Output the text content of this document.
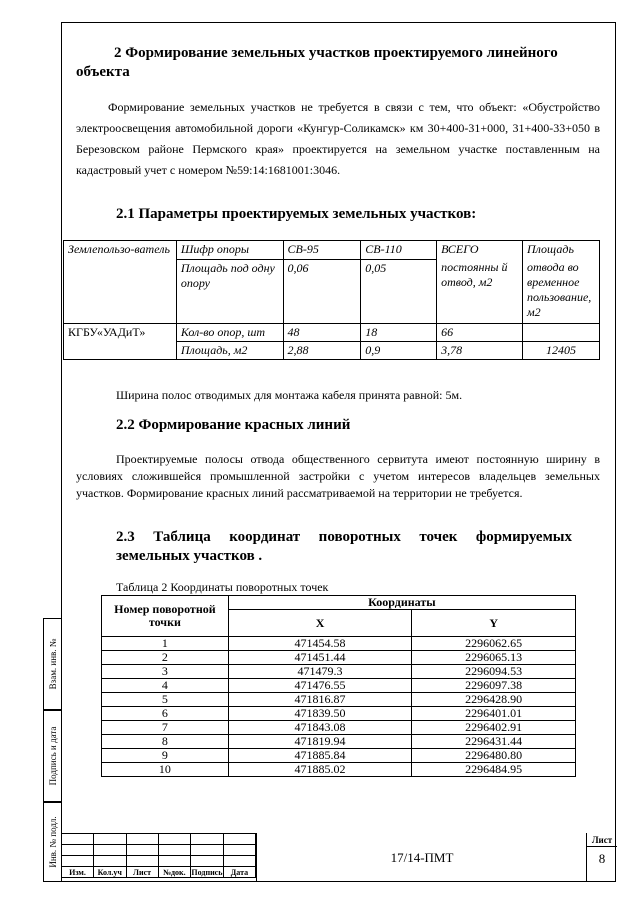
Взам. инв. №
Подпись и дата
Инв. № подл.
2 Формирование земельных участков проектируемого линейного объекта
Формирование земельных участков не требуется в связи с тем, что объект: «Обустройство электроосвещения автомобильной дороги «Кунгур-Соликамск» км 30+400-31+000, 31+400-33+050 в Березовском районе Пермского края» проектируется на земельном участке поставленным на кадастровый учет с номером №59:14:1681001:3046.
2.1 Параметры проектируемых земельных участков:
Землепользо-ватель	Шифр опоры	СВ-95	СВ-110	ВСЕГО	Площадь
	Площадь под одну опору	0,06	0,05	постоянны й отвод, м2	отвода во временное пользование, м2
КГБУ«УАДиТ»	Кол-во опор, шт	48	18	66	
	Площадь, м2	2,88	0,9	3,78	12405
Ширина полос отводимых для монтажа кабеля принята равной: 5м.
2.2 Формирование красных линий
Проектируемые полосы отвода общественного сервитута имеют постоянную ширину в условиях сложившейся промышленной застройки с учетом интересов владельцев земельных участков. Формирование красных линий рассматриваемой на территории не требуется.
2.3 Таблица координат поворотных точек формируемых земельных участков .
Таблица 2 Координаты поворотных точек
Номер поворотной точки	Координаты	
	X	Y
1	471454.58	2296062.65
2	471451.44	2296065.13
3	471479.3	2296094.53
4	471476.55	2296097.38
5	471816.87	2296428.90
6	471839.50	2296401.01
7	471843.08	2296402.91
8	471819.94	2296431.44
9	471885.84	2296480.80
10	471885.02	2296484.95

Изм.	Кол.уч	Лист	№док.	Подпись	Дата
17/14-ПМТ
Лист
8
